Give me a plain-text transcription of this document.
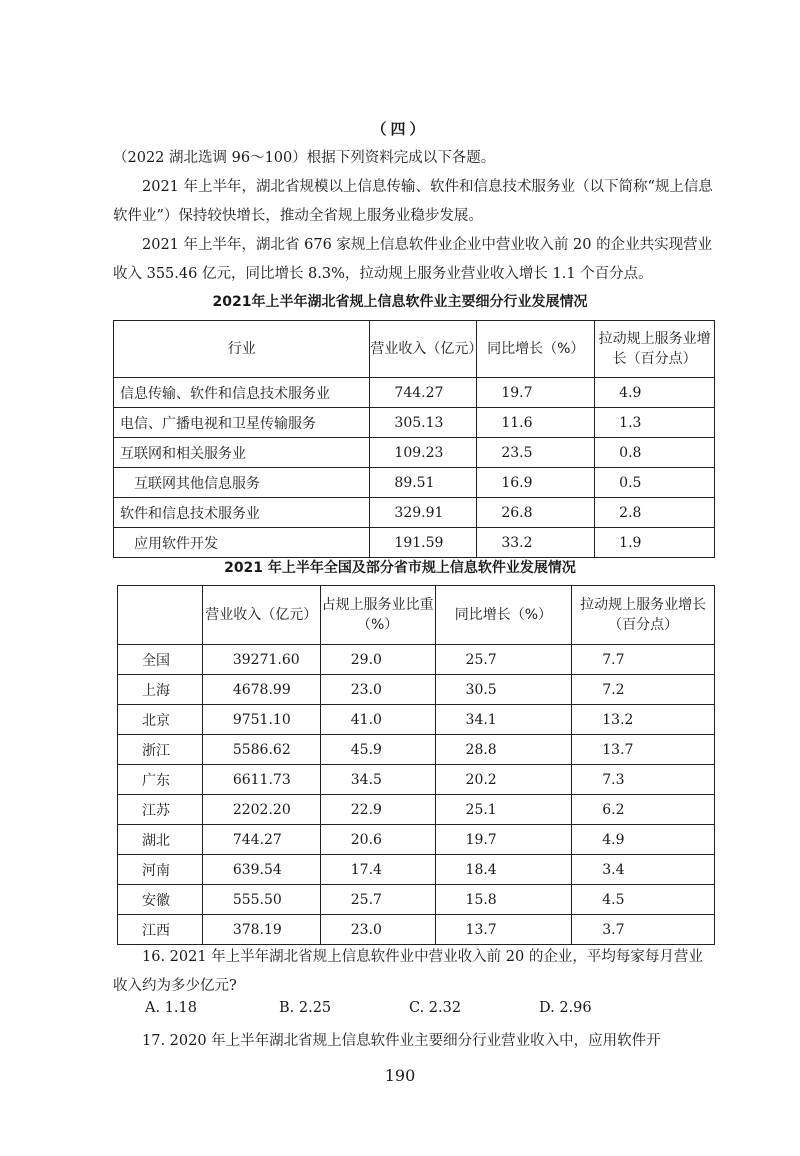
（四）

（2022 湖北选调 96～100）根据下列资料完成以下各题。

2021 年上半年，湖北省规模以上信息传输、软件和信息技术服务业（以下简称“规上信息软件业”）保持较快增长，推动全省规上服务业稳步发展。

2021 年上半年，湖北省 676 家规上信息软件业企业中营业收入前 20 的企业共实现营业收入 355.46 亿元，同比增长 8.3%，拉动规上服务业营业收入增长 1.1 个百分点。

2021年上半年湖北省规上信息软件业主要细分行业发展情况
行业	营业收入（亿元）	同比增长（%）	拉动规上服务业增长（百分点）
信息传输、软件和信息技术服务业	744.27	19.7	4.9
电信、广播电视和卫星传输服务	305.13	11.6	1.3
互联网和相关服务业	109.23	23.5	0.8
互联网其他信息服务	89.51	16.9	0.5
软件和信息技术服务业	329.91	26.8	2.8
应用软件开发	191.59	33.2	1.9
2021 年上半年全国及部分省市规上信息软件业发展情况
	营业收入（亿元）	占规上服务业比重（%）	同比增长（%）	拉动规上服务业增长（百分点）
全国	39271.60	29.0	25.7	7.7
上海	4678.99	23.0	30.5	7.2
北京	9751.10	41.0	34.1	13.2
浙江	5586.62	45.9	28.8	13.7
广东	6611.73	34.5	20.2	7.3
江苏	2202.20	22.9	25.1	6.2
湖北	744.27	20.6	19.7	4.9
河南	639.54	17.4	18.4	3.4
安徽	555.50	25.7	15.8	4.5
江西	378.19	23.0	13.7	3.7
16. 2021 年上半年湖北省规上信息软件业中营业收入前 20 的企业，平均每家每月营业收入约为多少亿元?
A. 1.18	B. 2.25	C. 2.32	D. 2.96
17. 2020 年上半年湖北省规上信息软件业主要细分行业营业收入中，应用软件开
190
